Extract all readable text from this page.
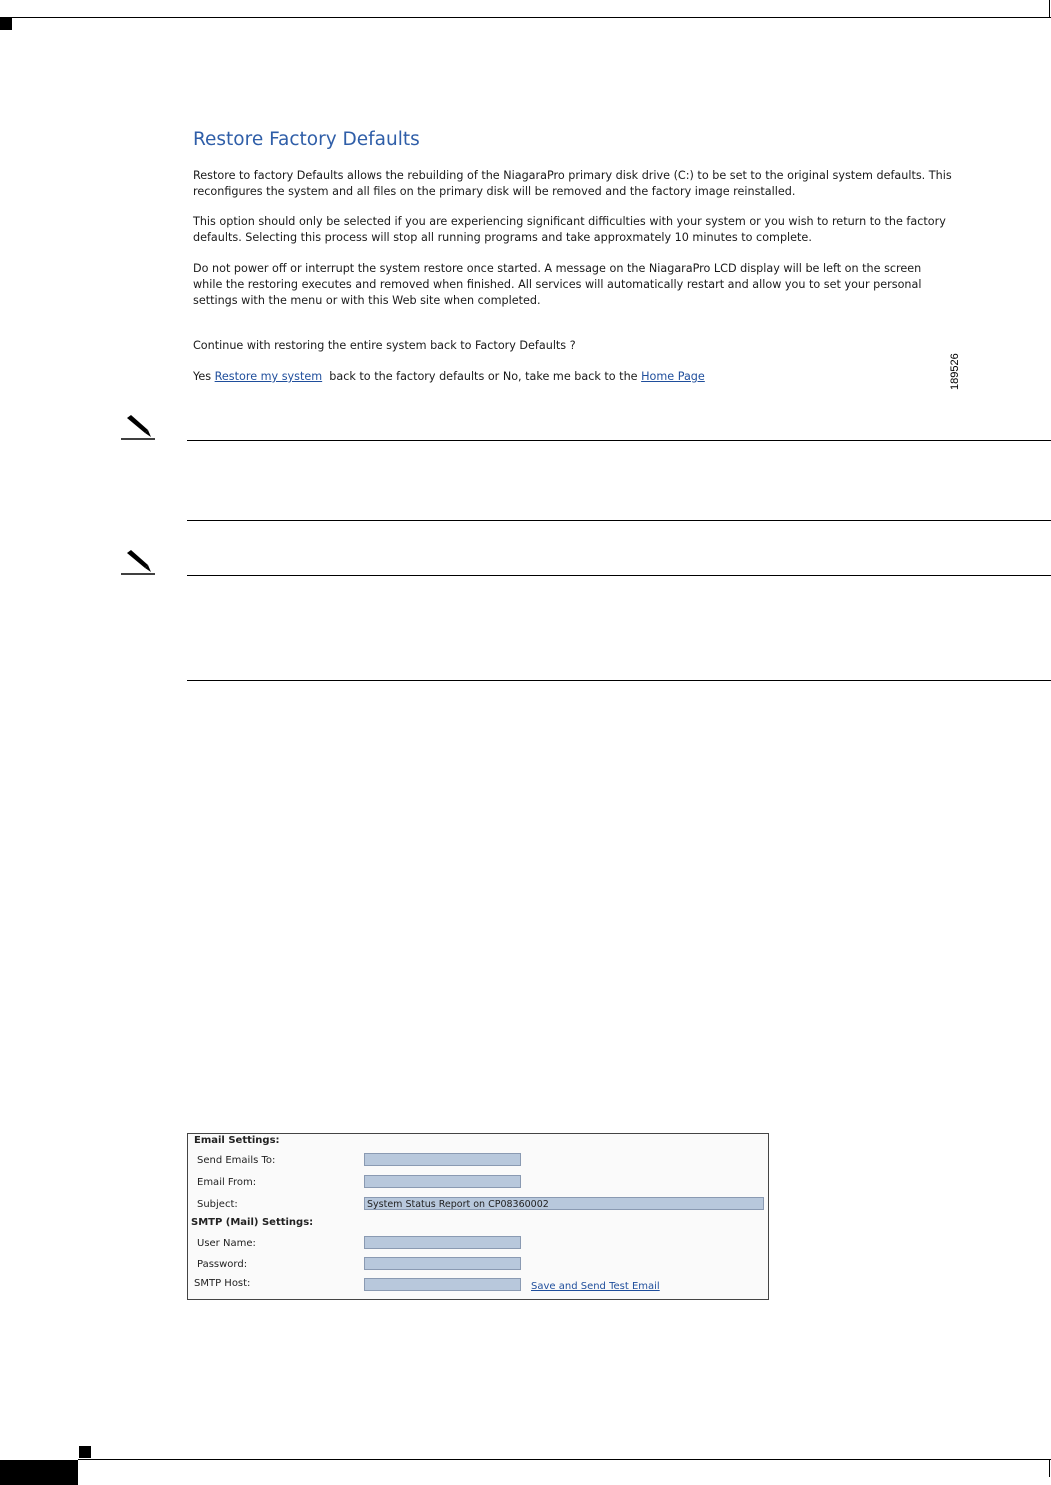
Restore Factory Defaults
Restore to factory Defaults allows the rebuilding of the NiagaraPro primary disk drive (C:) to be set to the original system defaults. This reconfigures the system and all files on the primary disk will be removed and the factory image reinstalled.
This option should only be selected if you are experiencing significant difficulties with your system or you wish to return to the factory defaults. Selecting this process will stop all running programs and take approxmately 10 minutes to complete.
Do not power off or interrupt the system restore once started. A message on the NiagaraPro LCD display will be left on the screen while the restoring executes and removed when finished. All services will automatically restart and allow you to set your personal settings with the menu or with this Web site when completed.
Continue with restoring the entire system back to Factory Defaults ?
Yes Restore my system back to the factory defaults or No, take me back to the Home Page	189526
Email Settings:
Send Emails To:
Email From:
Subject:	System Status Report on CP08360002
SMTP (Mail) Settings:
User Name:
Password:
SMTP Host:	Save and Send Test Email
